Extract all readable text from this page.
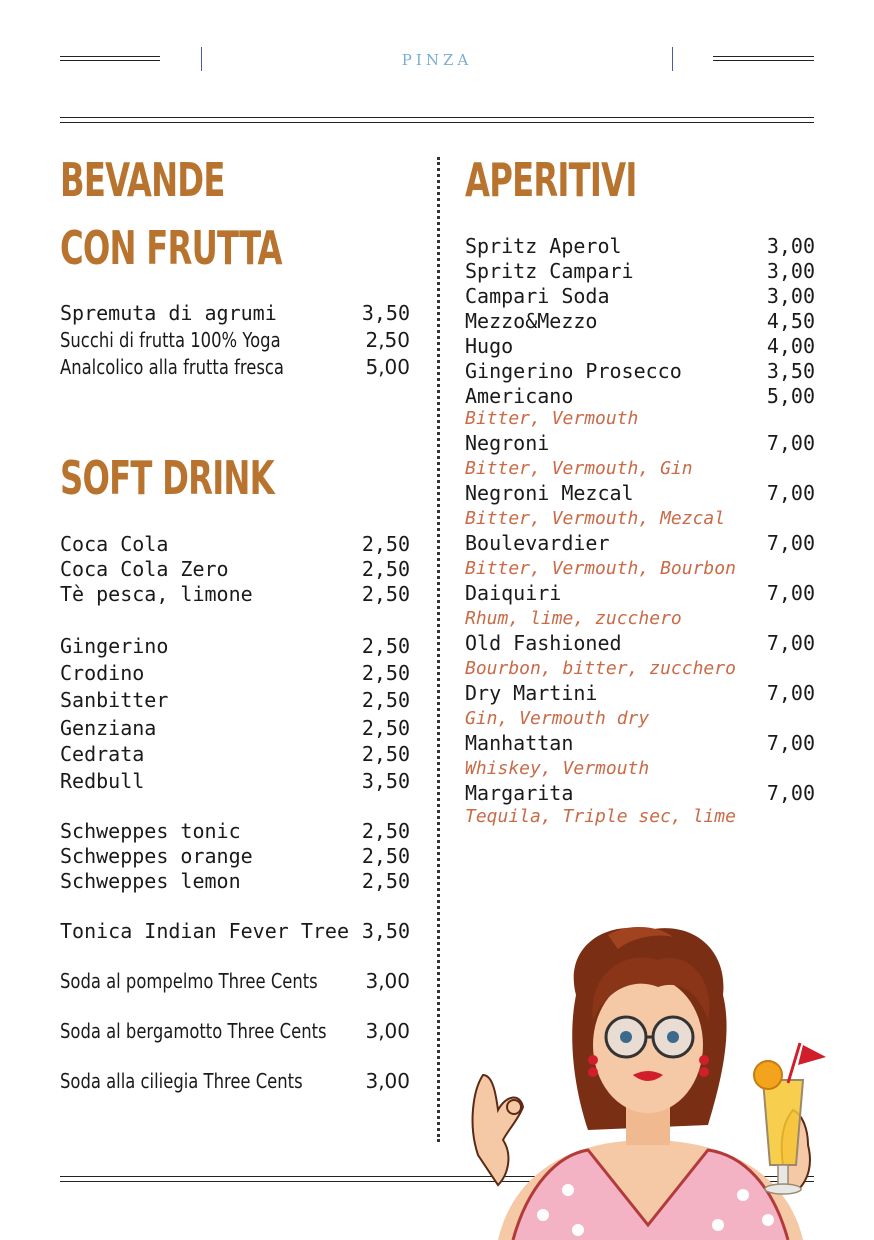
PINZA
BEVANDE
CON FRUTTA
Spremuta di agrumi	3,50
Succhi di frutta 100% Yoga	2,50
Analcolico alla frutta fresca	5,00
SOFT DRINK
Coca Cola	2,50
Coca Cola Zero	2,50
Tè pesca, limone	2,50
Gingerino	2,50
Crodino	2,50
Sanbitter	2,50
Genziana	2,50
Cedrata	2,50
Redbull	3,50
Schweppes tonic	2,50
Schweppes orange	2,50
Schweppes lemon	2,50
Tonica Indian Fever Tree 3,50
Soda al pompelmo Three Cents 3,00
Soda al bergamotto Three Cents 3,00
Soda alla ciliegia Three Cents	3,00
APERITIVI
Spritz Aperol	3,00
Spritz Campari	3,00
Campari Soda	3,00
Mezzo&Mezzo	4,50
Hugo	4,00
Gingerino Prosecco	3,50
Americano	5,00
Bitter, Vermouth
Negroni	7,00
Bitter, Vermouth, Gin
Negroni Mezcal	7,00
Bitter, Vermouth, Mezcal
Boulevardier	7,00
Bitter, Vermouth, Bourbon
Daiquiri	7,00
Rhum, lime, zucchero
Old Fashioned	7,00
Bourbon, bitter, zucchero
Dry Martini	7,00
Gin, Vermouth dry
Manhattan	7,00
Whiskey, Vermouth
Margarita	7,00
Tequila, Triple sec, lime
